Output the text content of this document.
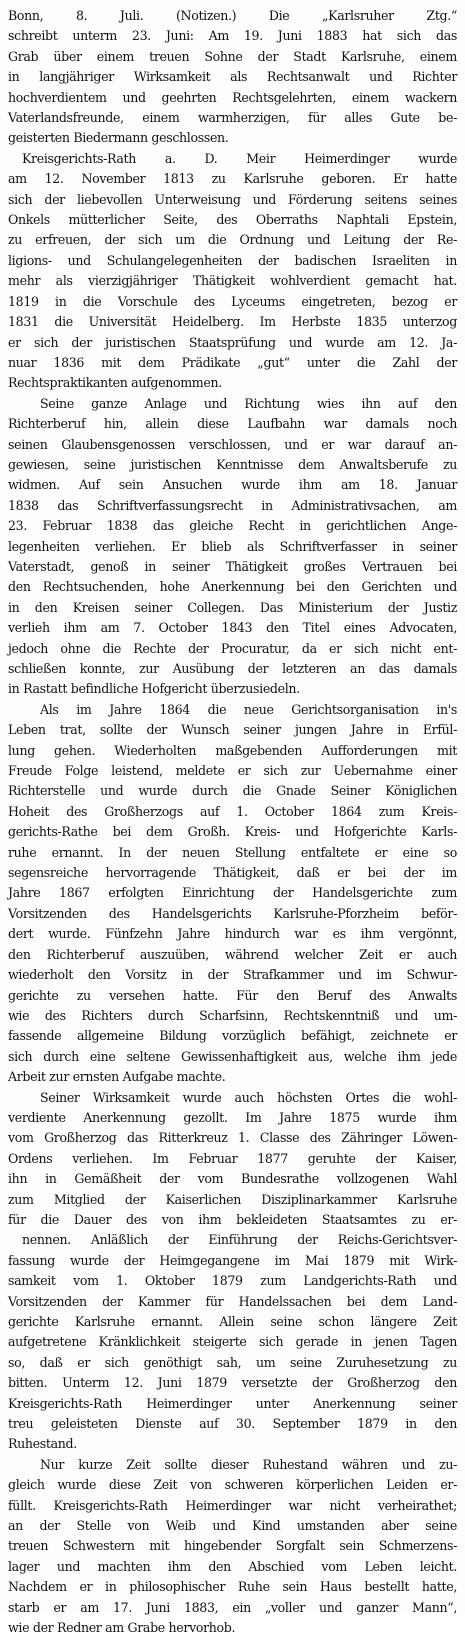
Bonn, 8. Juli. (Notizen.) Die „Karlsruher Ztg.“
schreibt unterm 23. Juni: Am 19. Juni 1883 hat sich das
Grab über einem treuen Sohne der Stadt Karlsruhe, einem
in langjähriger Wirksamkeit als Rechtsanwalt und Richter
hochverdientem und geehrten Rechtsgelehrten, einem wackern
Vaterlandsfreunde, einem warmherzigen, für alles Gute be-
geisterten Biedermann geschlossen.
Kreisgerichts-Rath a. D. Meir Heimerdinger wurde
am 12. November 1813 zu Karlsruhe geboren. Er hatte
sich der liebevollen Unterweisung und Förderung seitens seines
Onkels mütterlicher Seite, des Oberraths Naphtali Epstein,
zu erfreuen, der sich um die Ordnung und Leitung der Re-
ligions- und Schulangelegenheiten der badischen Israeliten in
mehr als vierzigjähriger Thätigkeit wohlverdient gemacht hat.
1819 in die Vorschule des Lyceums eingetreten, bezog er
1831 die Universität Heidelberg. Im Herbste 1835 unterzog
er sich der juristischen Staatsprüfung und wurde am 12. Ja-
nuar 1836 mit dem Prädikate „gut“ unter die Zahl der
Rechtspraktikanten aufgenommen.
Seine ganze Anlage und Richtung wies ihn auf den
Richterberuf hin, allein diese Laufbahn war damals noch
seinen Glaubensgenossen verschlossen, und er war darauf an-
gewiesen, seine juristischen Kenntnisse dem Anwaltsberufe zu
widmen. Auf sein Ansuchen wurde ihm am 18. Januar
1838 das Schriftverfassungsrecht in Administrativsachen, am
23. Februar 1838 das gleiche Recht in gerichtlichen Ange-
legenheiten verliehen. Er blieb als Schriftverfasser in seiner
Vaterstadt, genoß in seiner Thätigkeit großes Vertrauen bei
den Rechtsuchenden, hohe Anerkennung bei den Gerichten und
in den Kreisen seiner Collegen. Das Ministerium der Justiz
verlieh ihm am 7. October 1843 den Titel eines Advocaten,
jedoch ohne die Rechte der Procuratur, da er sich nicht ent-
schließen konnte, zur Ausübung der letzteren an das damals
in Rastatt befindliche Hofgericht überzusiedeln.
Als im Jahre 1864 die neue Gerichtsorganisation in's
Leben trat, sollte der Wunsch seiner jungen Jahre in Erfül-
lung gehen. Wiederholten maßgebenden Aufforderungen mit
Freude Folge leistend, meldete er sich zur Uebernahme einer
Richterstelle und wurde durch die Gnade Seiner Königlichen
Hoheit des Großherzogs auf 1. October 1864 zum Kreis-
gerichts-Rathe bei dem Großh. Kreis- und Hofgerichte Karls-
ruhe ernannt. In der neuen Stellung entfaltete er eine so
segensreiche hervorragende Thätigkeit, daß er bei der im
Jahre 1867 erfolgten Einrichtung der Handelsgerichte zum
Vorsitzenden des Handelsgerichts Karlsruhe-Pforzheim beför-
dert wurde. Fünfzehn Jahre hindurch war es ihm vergönnt,
den Richterberuf auszuüben, während welcher Zeit er auch
wiederholt den Vorsitz in der Strafkammer und im Schwur-
gerichte zu versehen hatte. Für den Beruf des Anwalts
wie des Richters durch Scharfsinn, Rechtskenntniß und um-
fassende allgemeine Bildung vorzüglich befähigt, zeichnete er
sich durch eine seltene Gewissenhaftigkeit aus, welche ihm jede
Arbeit zur ernsten Aufgabe machte.
Seiner Wirksamkeit wurde auch höchsten Ortes die wohl-
verdiente Anerkennung gezollt. Im Jahre 1875 wurde ihm
vom Großherzog das Ritterkreuz 1. Classe des Zähringer Löwen-
Ordens verliehen. Im Februar 1877 geruhte der Kaiser,
ihn in Gemäßheit der vom Bundesrathe vollzogenen Wahl
zum Mitglied der Kaiserlichen Disziplinarkammer Karlsruhe
für die Dauer des von ihm bekleideten Staatsamtes zu er-
nennen. Anläßlich der Einführung der Reichs-Gerichtsver-
fassung wurde der Heimgegangene im Mai 1879 mit Wirk-
samkeit vom 1. Oktober 1879 zum Landgerichts-Rath und
Vorsitzenden der Kammer für Handelssachen bei dem Land-
gerichte Karlsruhe ernannt. Allein seine schon längere Zeit
aufgetretene Kränklichkeit steigerte sich gerade in jenen Tagen
so, daß er sich genöthigt sah, um seine Zuruhesetzung zu
bitten. Unterm 12. Juni 1879 versetzte der Großherzog den
Kreisgerichts-Rath Heimerdinger unter Anerkennung seiner
treu geleisteten Dienste auf 30. September 1879 in den
Ruhestand.
Nur kurze Zeit sollte dieser Ruhestand währen und zu-
gleich wurde diese Zeit von schweren körperlichen Leiden er-
füllt. Kreisgerichts-Rath Heimerdinger war nicht verheirathet;
an der Stelle von Weib und Kind umstanden aber seine
treuen Schwestern mit hingebender Sorgfalt sein Schmerzens-
lager und machten ihm den Abschied vom Leben leicht.
Nachdem er in philosophischer Ruhe sein Haus bestellt hatte,
starb er am 17. Juni 1883, ein „voller und ganzer Mann“,
wie der Redner am Grabe hervorhob.
